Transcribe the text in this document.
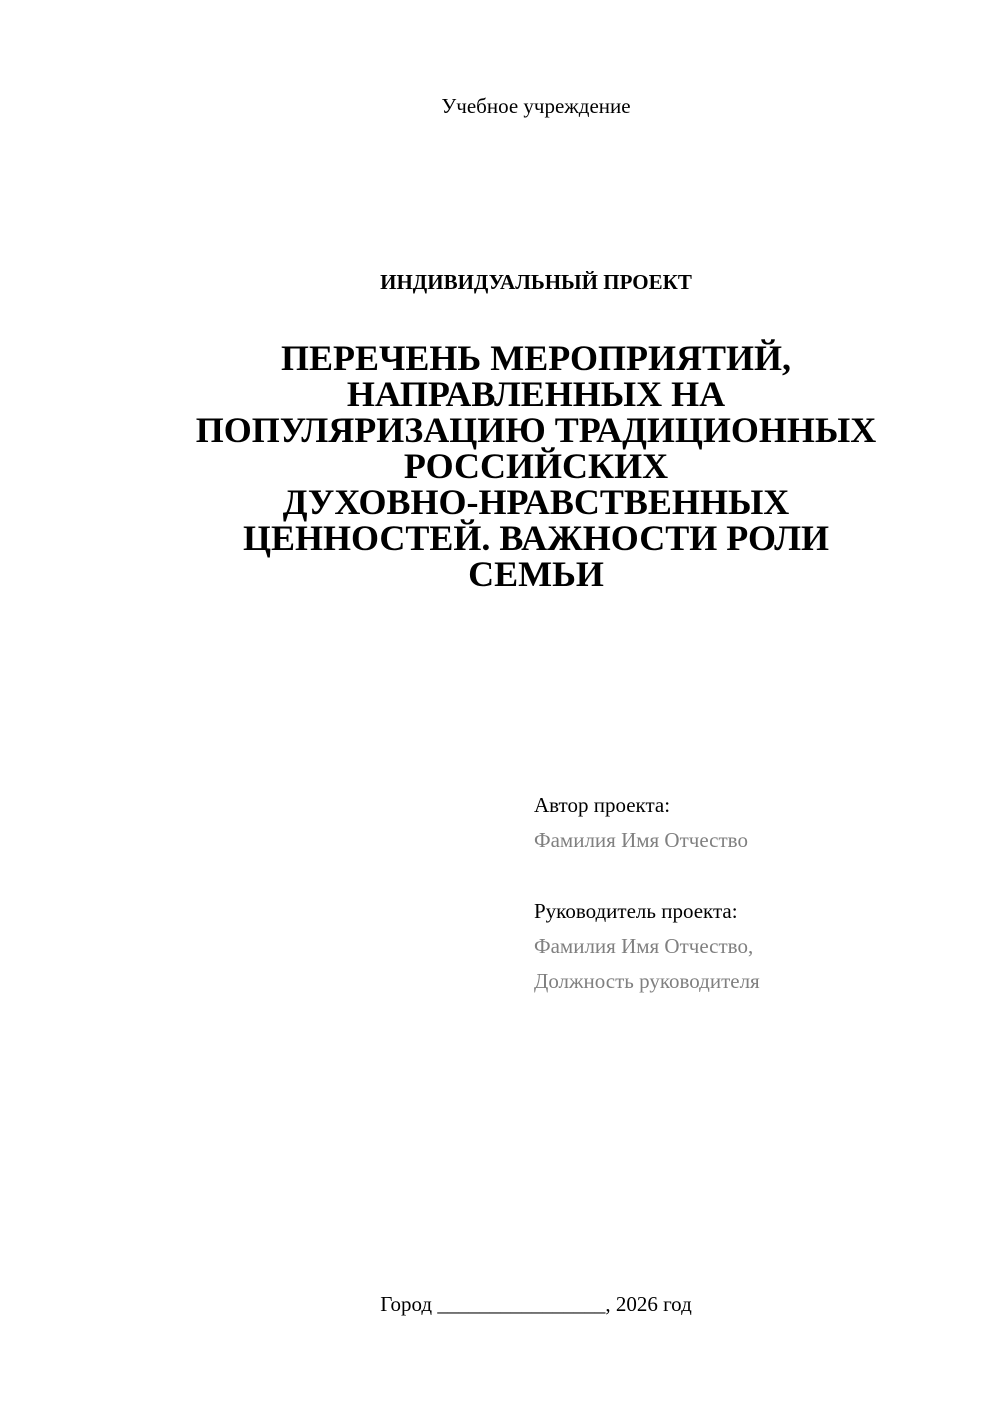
Учебное учреждение
ИНДИВИДУАЛЬНЫЙ ПРОЕКТ
ПЕРЕЧЕНЬ МЕРОПРИЯТИЙ,
НАПРАВЛЕННЫХ НА
ПОПУЛЯРИЗАЦИЮ ТРАДИЦИОННЫХ
РОССИЙСКИХ
ДУХОВНО-НРАВСТВЕННЫХ
ЦЕННОСТЕЙ. ВАЖНОСТИ РОЛИ
СЕМЬИ
Автор проекта:
Фамилия Имя Отчество
Руководитель проекта:
Фамилия Имя Отчество,
Должность руководителя
Город ________________, 2026 год
